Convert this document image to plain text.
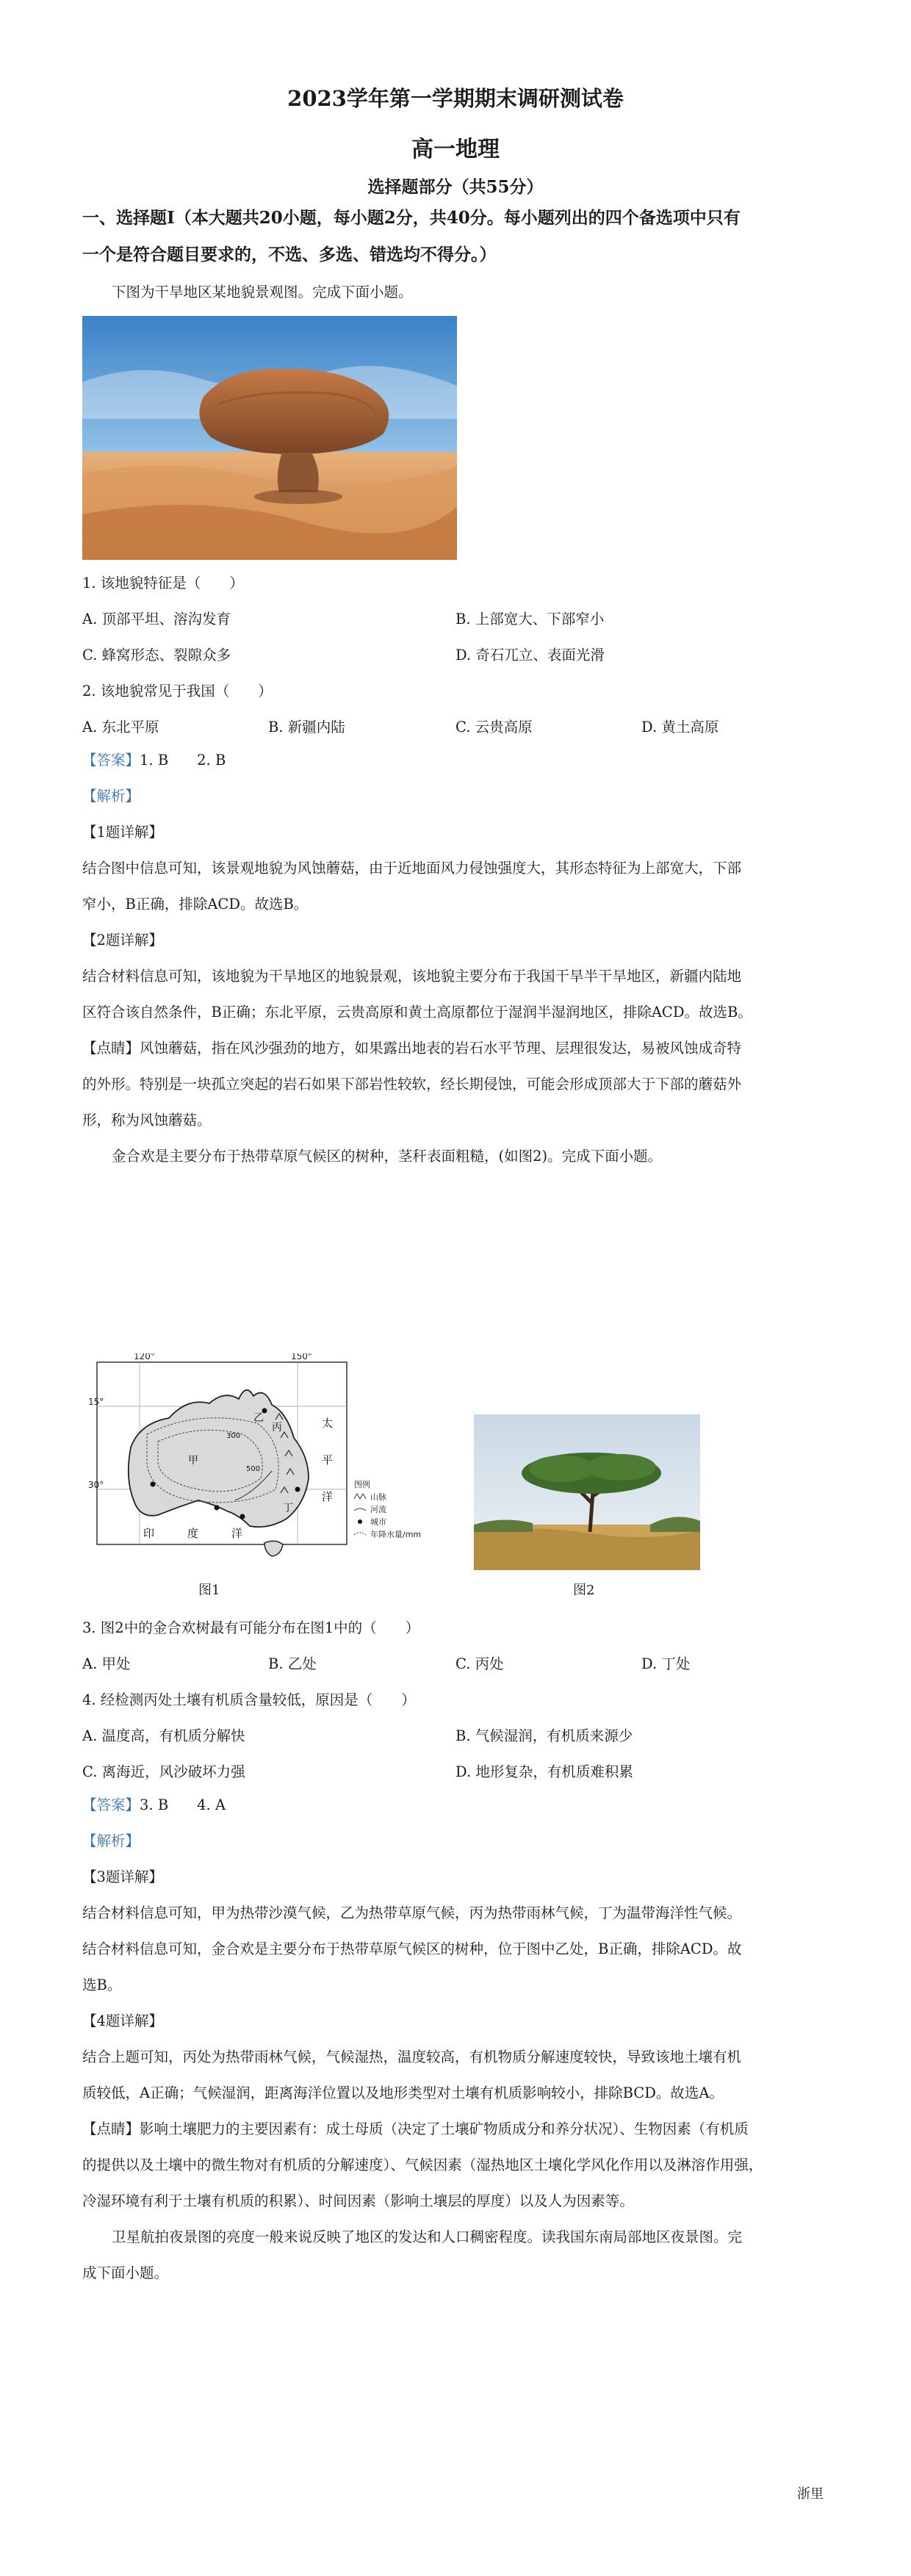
2023学年第一学期期末调研测试卷
高一地理
选择题部分（共55分）
一、选择题Ⅰ（本大题共20小题，每小题2分，共40分。每小题列出的四个备选项中只有
一个是符合题目要求的，不选、多选、错选均不得分。）
下图为干旱地区某地貌景观图。完成下面小题。
1. 该地貌特征是（　　）
A. 顶部平坦、溶沟发育	B. 上部宽大、下部窄小
C. 蜂窝形态、裂隙众多	D. 奇石兀立、表面光滑
2. 该地貌常见于我国（　　）
A. 东北平原	B. 新疆内陆	C. 云贵高原	D. 黄土高原
【答案】1. B　　2. B
【解析】
【1题详解】
结合图中信息可知，该景观地貌为风蚀蘑菇，由于近地面风力侵蚀强度大，其形态特征为上部宽大，下部
窄小，B正确，排除ACD。故选B。
【2题详解】
结合材料信息可知，该地貌为干旱地区的地貌景观，该地貌主要分布于我国干旱半干旱地区，新疆内陆地
区符合该自然条件，B正确；东北平原，云贵高原和黄土高原都位于湿润半湿润地区，排除ACD。故选B。
【点睛】风蚀蘑菇，指在风沙强劲的地方，如果露出地表的岩石水平节理、层理很发达，易被风蚀成奇特
的外形。特别是一块孤立突起的岩石如果下部岩性较软，经长期侵蚀，可能会形成顶部大于下部的蘑菇外
形，称为风蚀蘑菇。
金合欢是主要分布于热带草原气候区的树种，茎秆表面粗糙，(如图2)。完成下面小题。
120°	150°
15°
30°
甲
乙
丙
丁
300
500
太
平
洋
印	度	洋
图例
山脉
河流
城市
年降水量/mm
图1	图2
3. 图2中的金合欢树最有可能分布在图1中的（　　）
A. 甲处	B. 乙处	C. 丙处	D. 丁处
4. 经检测丙处土壤有机质含量较低，原因是（　　）
A. 温度高，有机质分解快	B. 气候湿润，有机质来源少
C. 离海近，风沙破坏力强	D. 地形复杂，有机质难积累
【答案】3. B　　4. A
【解析】
【3题详解】
结合材料信息可知，甲为热带沙漠气候，乙为热带草原气候，丙为热带雨林气候，丁为温带海洋性气候。
结合材料信息可知，金合欢是主要分布于热带草原气候区的树种，位于图中乙处，B正确，排除ACD。故
选B。
【4题详解】
结合上题可知，丙处为热带雨林气候，气候湿热，温度较高，有机物质分解速度较快，导致该地土壤有机
质较低，A正确；气候湿润，距离海洋位置以及地形类型对土壤有机质影响较小，排除BCD。故选A。
【点睛】影响土壤肥力的主要因素有：成土母质（决定了土壤矿物质成分和养分状况）、生物因素（有机质
的提供以及土壤中的微生物对有机质的分解速度）、气候因素（湿热地区土壤化学风化作用以及淋溶作用强，
冷湿环境有利于土壤有机质的积累）、时间因素（影响土壤层的厚度）以及人为因素等。
卫星航拍夜景图的亮度一般来说反映了地区的发达和人口稠密程度。读我国东南局部地区夜景图。完
成下面小题。
浙里
